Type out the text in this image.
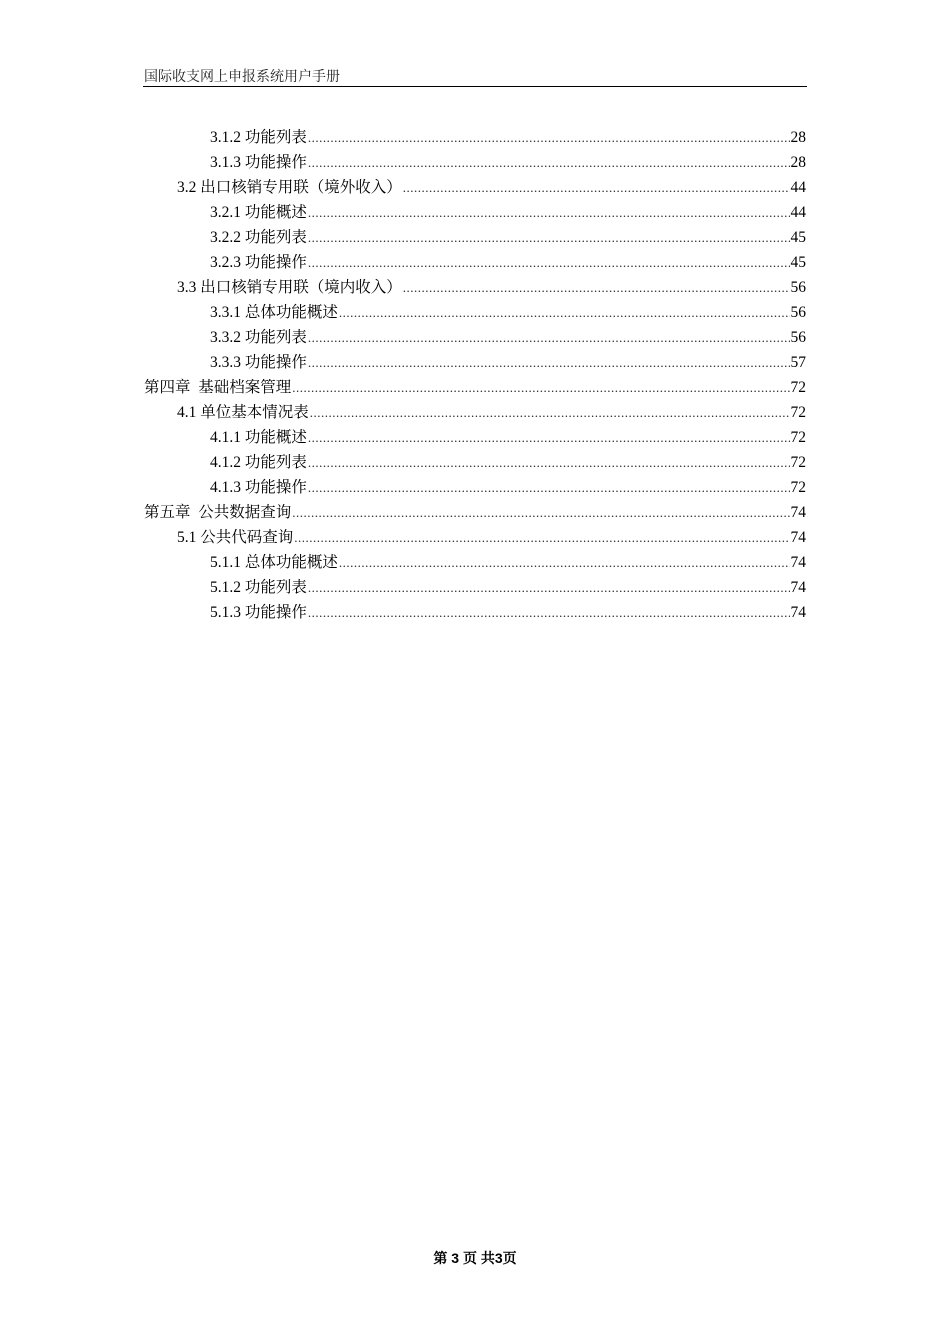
国际收支网上申报系统用户手册
3.1.2 功能列表 .....	28
3.1.3 功能操作 .....	28
3.2 出口核销专用联（境外收入） .....	44
3.2.1 功能概述 .....	44
3.2.2 功能列表 .....	45
3.2.3 功能操作 .....	45
3.3 出口核销专用联（境内收入） .....	56
3.3.1 总体功能概述 .....	56
3.3.2 功能列表 .....	56
3.3.3 功能操作 .....	57
第四章  基础档案管理 .....	72
4.1 单位基本情况表 .....	72
4.1.1 功能概述 .....	72
4.1.2 功能列表 .....	72
4.1.3 功能操作 .....	72
第五章  公共数据查询 .....	74
5.1 公共代码查询 .....	74
5.1.1 总体功能概述 .....	74
5.1.2 功能列表 .....	74
5.1.3 功能操作 .....	74
第 3 页 共3页
